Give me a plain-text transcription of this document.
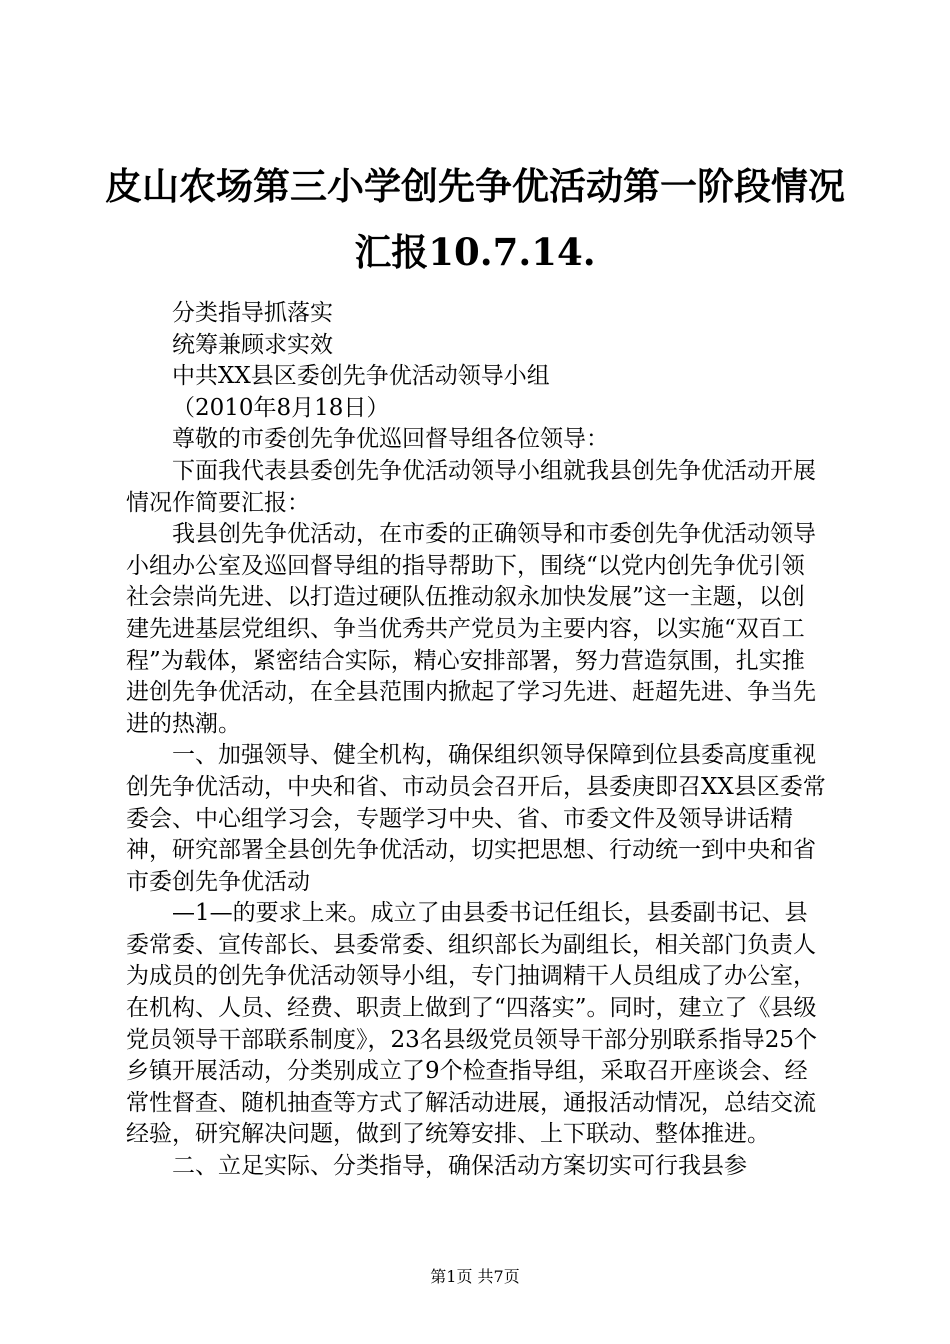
皮山农场第三小学创先争优活动第一阶段情况
汇报10.7.14.

分类指导抓落实

统筹兼顾求实效

中共XX县区委创先争优活动领导小组

（2010年8月18日）

尊敬的市委创先争优巡回督导组各位领导：

下面我代表县委创先争优活动领导小组就我县创先争优活动开展情况作简要汇报：

我县创先争优活动，在市委的正确领导和市委创先争优活动领导小组办公室及巡回督导组的指导帮助下，围绕“以党内创先争优引领社会崇尚先进、以打造过硬队伍推动叙永加快发展”这一主题，以创建先进基层党组织、争当优秀共产党员为主要内容，以实施“双百工程”为载体，紧密结合实际，精心安排部署，努力营造氛围，扎实推进创先争优活动，在全县范围内掀起了学习先进、赶超先进、争当先进的热潮。

一、加强领导、健全机构，确保组织领导保障到位县委高度重视创先争优活动，中央和省、市动员会召开后，县委庚即召XX县区委常委会、中心组学习会，专题学习中央、省、市委文件及领导讲话精神，研究部署全县创先争优活动，切实把思想、行动统一到中央和省市委创先争优活动

—1—的要求上来。成立了由县委书记任组长，县委副书记、县委常委、宣传部长、县委常委、组织部长为副组长，相关部门负责人为成员的创先争优活动领导小组，专门抽调精干人员组成了办公室，在机构、人员、经费、职责上做到了“四落实”。同时，建立了《县级党员领导干部联系制度》，23名县级党员领导干部分别联系指导25个乡镇开展活动，分类别成立了9个检查指导组，采取召开座谈会、经常性督查、随机抽查等方式了解活动进展，通报活动情况，总结交流经验，研究解决问题，做到了统筹安排、上下联动、整体推进。

二、立足实际、分类指导，确保活动方案切实可行我县参

第1页 共7页
